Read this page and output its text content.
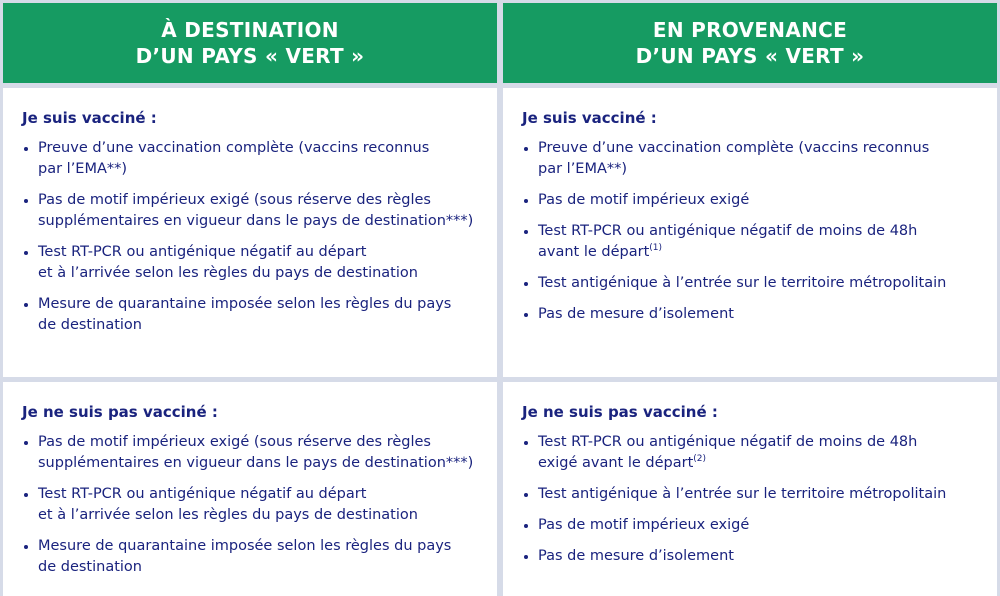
À DESTINATION
D’UN PAYS « VERT »
EN PROVENANCE
D’UN PAYS « VERT »
Je suis vacciné :
Preuve d’une vaccination complète (vaccins reconnus
par l’EMA**)
Pas de motif impérieux exigé (sous réserve des règles
supplémentaires en vigueur dans le pays de destination***)
Test RT-PCR ou antigénique négatif au départ
et à l’arrivée selon les règles du pays de destination
Mesure de quarantaine imposée selon les règles du pays
de destination
Je suis vacciné :
Preuve d’une vaccination complète (vaccins reconnus
par l’EMA**)
Pas de motif impérieux exigé
Test RT-PCR ou antigénique négatif de moins de 48h
avant le départ$^{(1)}$
Test antigénique à l’entrée sur le territoire métropolitain
Pas de mesure d’isolement
Je ne suis pas vacciné :
Pas de motif impérieux exigé (sous réserve des règles
supplémentaires en vigueur dans le pays de destination***)
Test RT-PCR ou antigénique négatif au départ
et à l’arrivée selon les règles du pays de destination
Mesure de quarantaine imposée selon les règles du pays
de destination
Je ne suis pas vacciné :
Test RT-PCR ou antigénique négatif de moins de 48h
exigé avant le départ$^{(2)}$
Test antigénique à l’entrée sur le territoire métropolitain
Pas de motif impérieux exigé
Pas de mesure d’isolement
